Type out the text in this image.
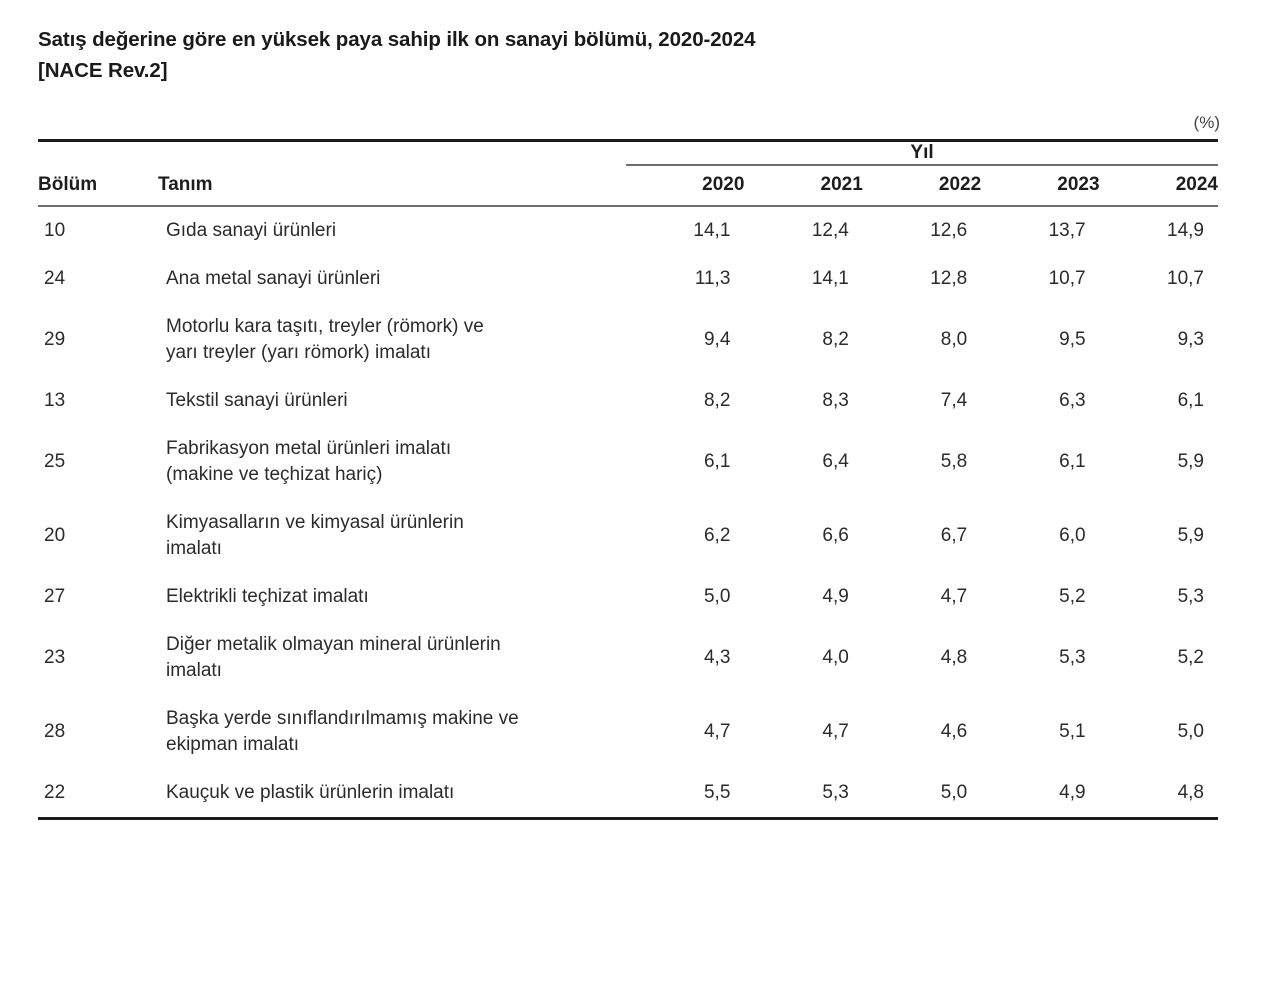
Satış değerine göre en yüksek paya sahip ilk on sanayi bölümü, 2020-2024
[NACE Rev.2]
(%)

		Yıl				
Bölüm	Tanım	2020	2021	2022	2023	2024
10	Gıda sanayi ürünleri	14,1	12,4	12,6	13,7	14,9
24	Ana metal sanayi ürünleri	11,3	14,1	12,8	10,7	10,7
29	Motorlu kara taşıtı, treyler (römork) ve
yarı treyler (yarı römork) imalatı	9,4	8,2	8,0	9,5	9,3
13	Tekstil sanayi ürünleri	8,2	8,3	7,4	6,3	6,1
25	Fabrikasyon metal ürünleri imalatı
(makine ve teçhizat hariç)	6,1	6,4	5,8	6,1	5,9
20	Kimyasalların ve kimyasal ürünlerin
imalatı	6,2	6,6	6,7	6,0	5,9
27	Elektrikli teçhizat imalatı	5,0	4,9	4,7	5,2	5,3
23	Diğer metalik olmayan mineral ürünlerin
imalatı	4,3	4,0	4,8	5,3	5,2
28	Başka yerde sınıflandırılmamış makine ve
ekipman imalatı	4,7	4,7	4,6	5,1	5,0
22	Kauçuk ve plastik ürünlerin imalatı	5,5	5,3	5,0	4,9	4,8
